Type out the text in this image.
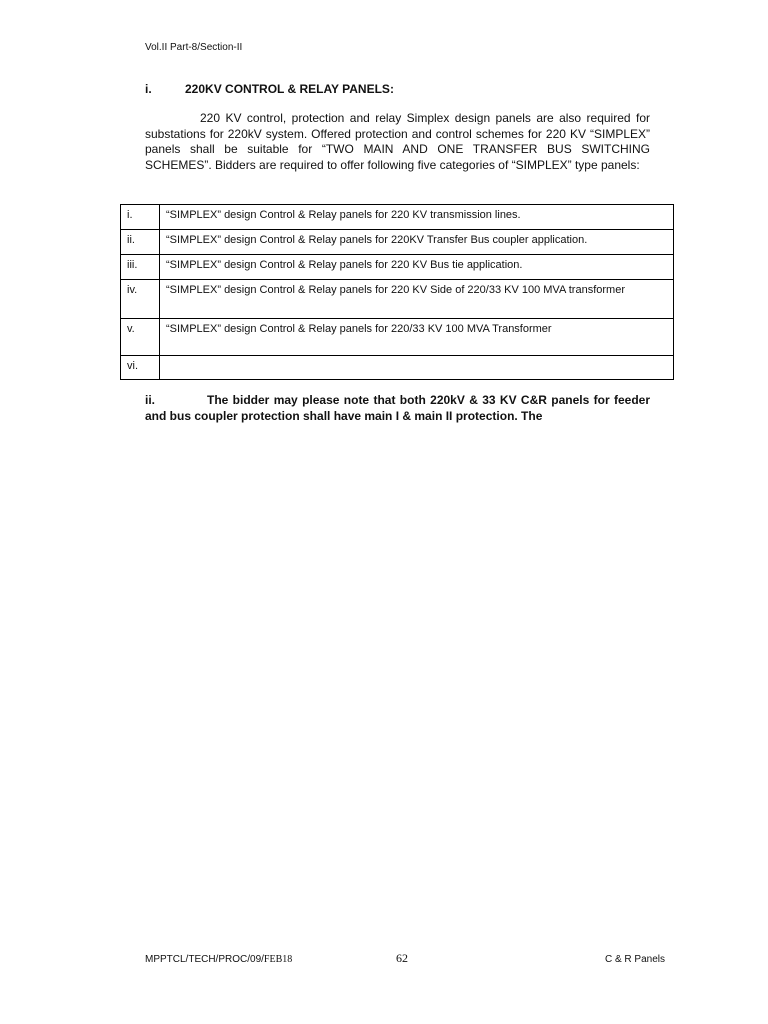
Vol.II Part-8/Section-II
i.	220KV CONTROL & RELAY PANELS:

220 KV control, protection and relay Simplex design panels are also required for substations for 220kV system. Offered protection and control schemes for 220 KV “SIMPLEX” panels shall be suitable for “TWO MAIN AND ONE TRANSFER BUS SWITCHING SCHEMES”. Bidders are required to offer following five categories of “SIMPLEX” type panels:

i.	“SIMPLEX” design Control & Relay panels for 220 KV transmission lines.
ii.	“SIMPLEX” design Control & Relay panels for 220KV Transfer Bus coupler application.
iii.	“SIMPLEX” design Control & Relay panels for 220 KV Bus tie application.
iv.	“SIMPLEX” design Control & Relay panels for 220 KV Side of 220/33 KV 100 MVA transformer
v.	“SIMPLEX” design Control & Relay panels for 220/33 KV 100 MVA Transformer
vi.	

ii.	The bidder may please note that both 220kV & 33 KV C&R panels for feeder and bus coupler protection shall have main I & main II protection. The

MPPTCL/TECH/PROC/09/FEB18	62	C & R Panels
